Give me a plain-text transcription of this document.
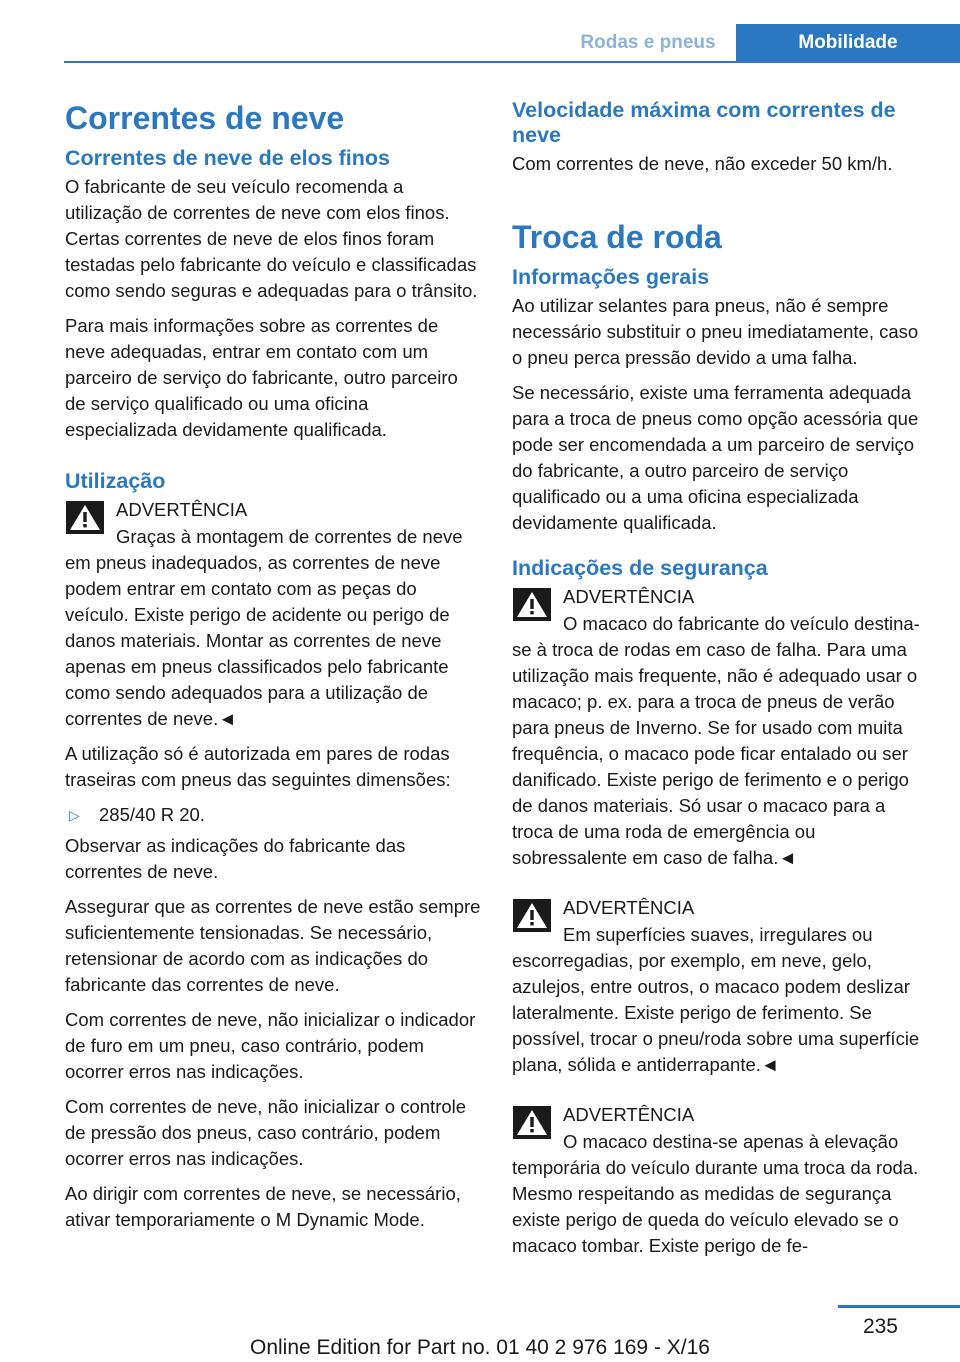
Rodas e pneus	Mobilidade
Correntes de neve
Correntes de neve de elos finos

O fabricante de seu veículo recomenda a utilização de correntes de neve com elos finos. Certas correntes de neve de elos finos foram testadas pelo fabricante do veículo e classificadas como sendo seguras e adequadas para o trânsito.

Para mais informações sobre as correntes de neve adequadas, entrar em contato com um parceiro de serviço do fabricante, outro parceiro de serviço qualificado ou uma oficina especializada devidamente qualificada.

Utilização
ADVERTÊNCIA

Graças à montagem de correntes de neve em pneus inadequados, as correntes de neve podem entrar em contato com as peças do veículo. Existe perigo de acidente ou perigo de danos materiais. Montar as correntes de neve apenas em pneus classificados pelo fabricante como sendo adequados para a utilização de correntes de neve.◄

A utilização só é autorizada em pares de rodas traseiras com pneus das seguintes dimensões:

▷	285/40 R 20.

Observar as indicações do fabricante das correntes de neve.

Assegurar que as correntes de neve estão sempre suficientemente tensionadas. Se necessário, retensionar de acordo com as indicações do fabricante das correntes de neve.

Com correntes de neve, não inicializar o indicador de furo em um pneu, caso contrário, podem ocorrer erros nas indicações.

Com correntes de neve, não inicializar o controle de pressão dos pneus, caso contrário, podem ocorrer erros nas indicações.

Ao dirigir com correntes de neve, se necessário, ativar temporariamente o M Dynamic Mode.

Velocidade máxima com correntes de neve

Com correntes de neve, não exceder 50 km/h.

Troca de roda
Informações gerais

Ao utilizar selantes para pneus, não é sempre necessário substituir o pneu imediatamente, caso o pneu perca pressão devido a uma falha.

Se necessário, existe uma ferramenta adequada para a troca de pneus como opção acessória que pode ser encomendada a um parceiro de serviço do fabricante, a outro parceiro de serviço qualificado ou a uma oficina especializada devidamente qualificada.

Indicações de segurança
ADVERTÊNCIA

O macaco do fabricante do veículo destina-se à troca de rodas em caso de falha. Para uma utilização mais frequente, não é adequado usar o macaco; p. ex. para a troca de pneus de verão para pneus de Inverno. Se for usado com muita frequência, o macaco pode ficar entalado ou ser danificado. Existe perigo de ferimento e o perigo de danos materiais. Só usar o macaco para a troca de uma roda de emergência ou sobressalente em caso de falha.◄

ADVERTÊNCIA

Em superfícies suaves, irregulares ou escorregadias, por exemplo, em neve, gelo, azulejos, entre outros, o macaco podem deslizar lateralmente. Existe perigo de ferimento. Se possível, trocar o pneu/roda sobre uma superfície plana, sólida e antiderrapante.◄

ADVERTÊNCIA

O macaco destina-se apenas à elevação temporária do veículo durante uma troca da roda. Mesmo respeitando as medidas de segurança existe perigo de queda do veículo elevado se o macaco tombar. Existe perigo de fe-

235
Online Edition for Part no. 01 40 2 976 169 - X/16
